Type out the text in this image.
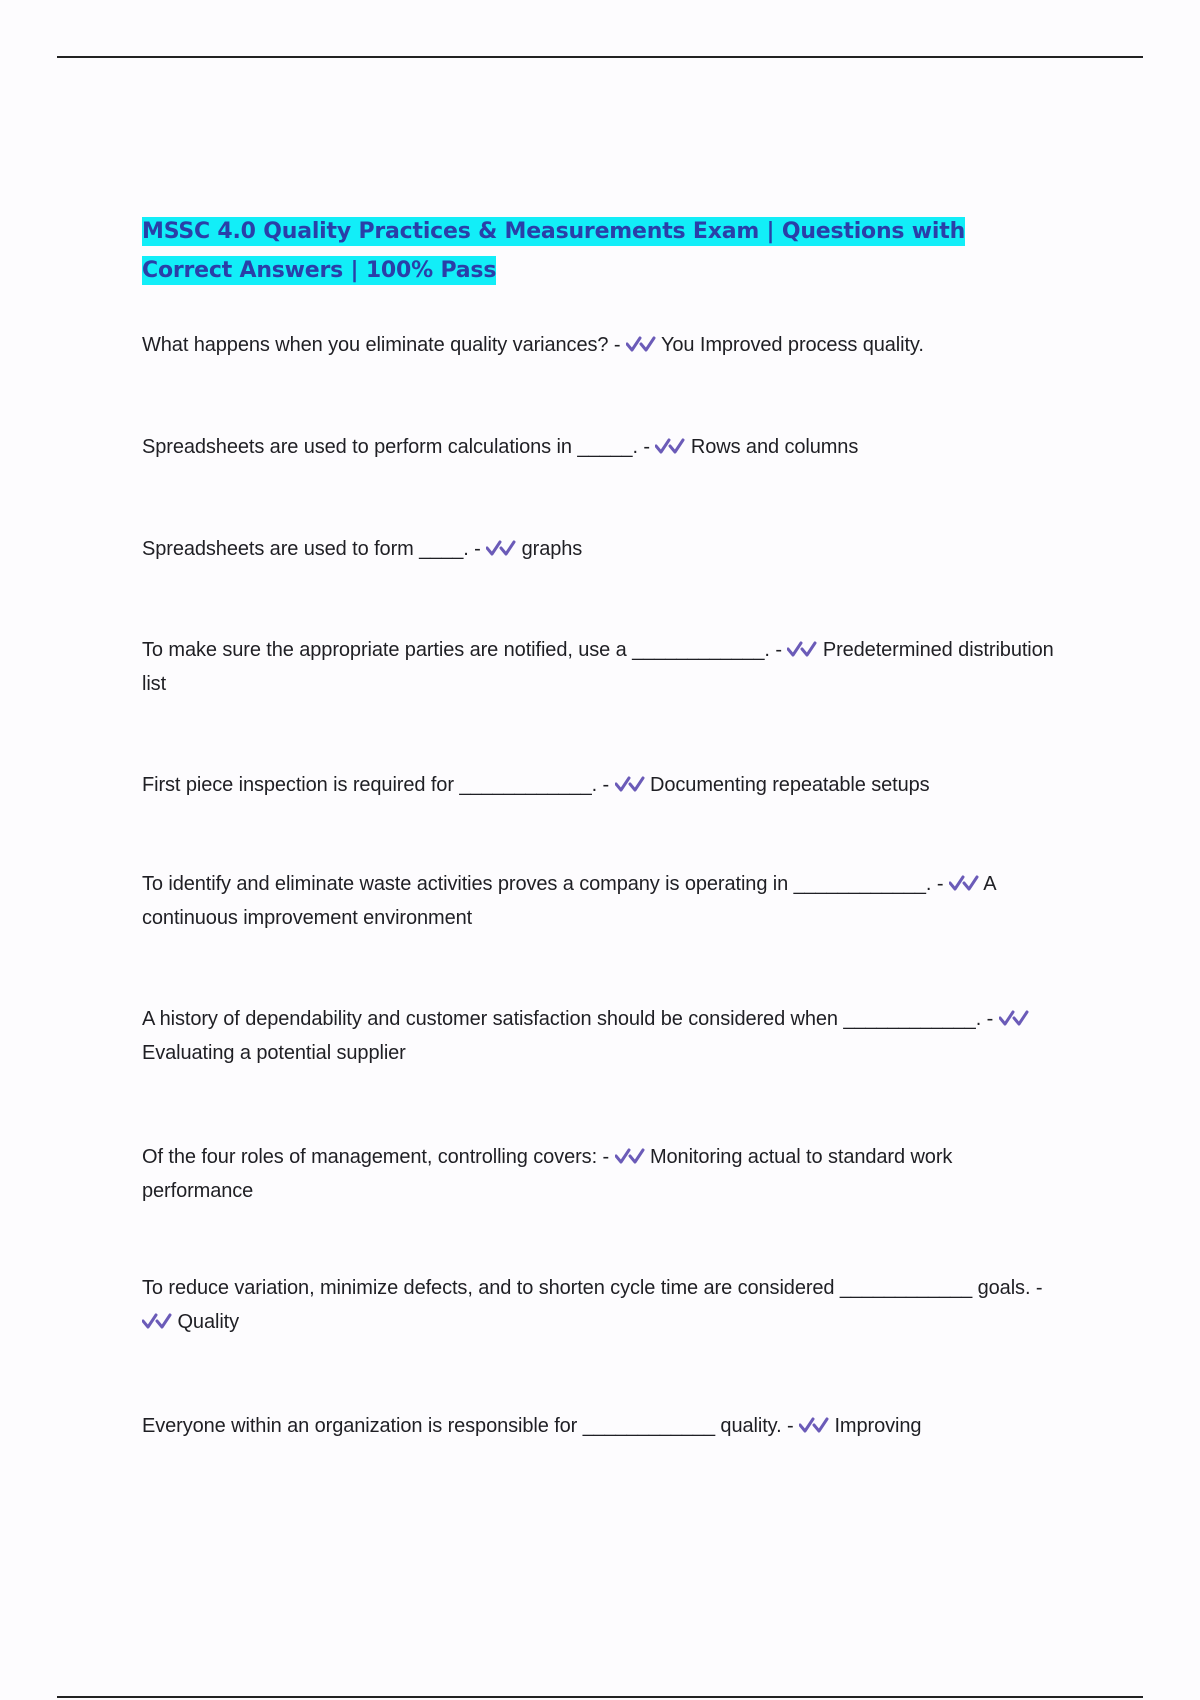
MSSC 4.0 Quality Practices & Measurements Exam | Questions with Correct Answers | 100% Pass

What happens when you eliminate quality variances? -
You Improved process quality.

Spreadsheets are used to perform calculations in _____. -
Rows and columns

Spreadsheets are used to form ____. -
graphs

To make sure the appropriate parties are notified, use a ____________. -
Predetermined distribution list

First piece inspection is required for ____________. -
Documenting repeatable setups

To identify and eliminate waste activities proves a company is operating in ____________. -
A continuous improvement environment

A history of dependability and customer satisfaction should be considered when ____________. -
Evaluating a potential supplier

Of the four roles of management, controlling covers: -
Monitoring actual to standard work performance

To reduce variation, minimize defects, and to shorten cycle time are considered ____________ goals. -
Quality

Everyone within an organization is responsible for ____________ quality. -
Improving
